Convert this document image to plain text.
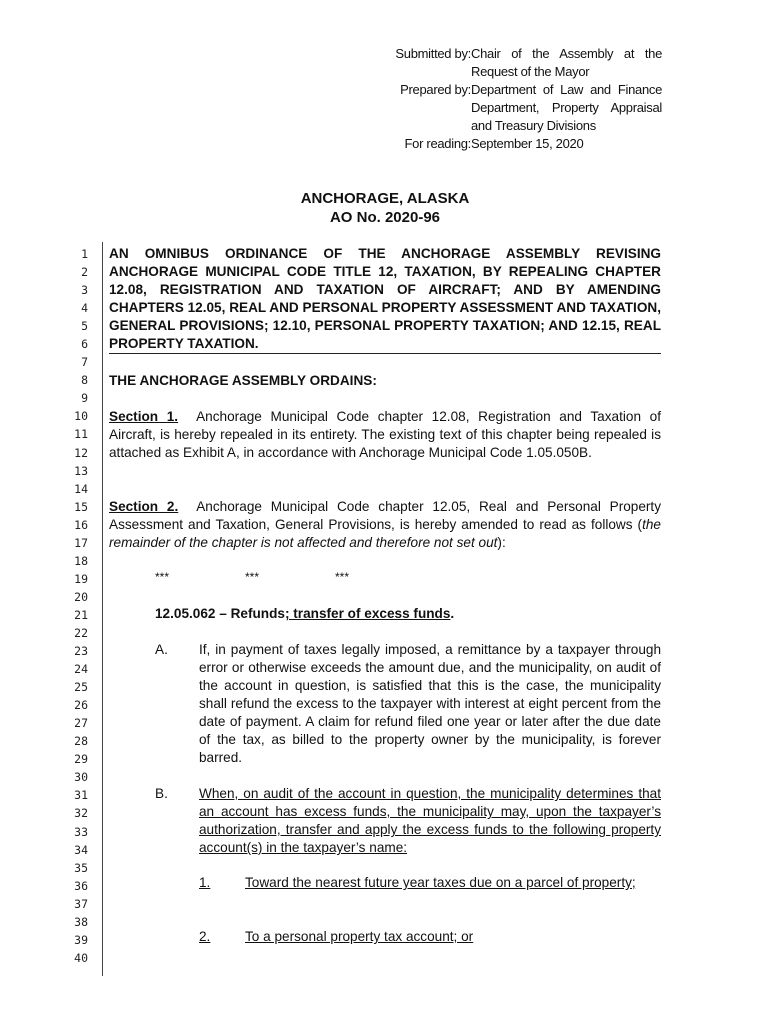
Submitted by: Chair of the Assembly at the Request of the Mayor
Prepared by: Department of Law and Finance Department, Property Appraisal and Treasury Divisions
For reading: September 15, 2020
ANCHORAGE, ALASKA
AO No. 2020-96
1
2
3
4
5
6
7
8
9
10
11
12
13
14
15
16
17
18
19
20
21
22
23
24
25
26
27
28
29
30
31
32
33
34
35
36
37
38
39
40
AN OMNIBUS ORDINANCE OF THE ANCHORAGE ASSEMBLY REVISING ANCHORAGE MUNICIPAL CODE TITLE 12, TAXATION, BY REPEALING CHAPTER 12.08, REGISTRATION AND TAXATION OF AIRCRAFT; AND BY AMENDING CHAPTERS 12.05, REAL AND PERSONAL PROPERTY ASSESSMENT AND TAXATION, GENERAL PROVISIONS; 12.10, PERSONAL PROPERTY TAXATION; AND 12.15, REAL PROPERTY TAXATION.
THE ANCHORAGE ASSEMBLY ORDAINS:
Section 1. Anchorage Municipal Code chapter 12.08, Registration and Taxation of Aircraft, is hereby repealed in its entirety. The existing text of this chapter being repealed is attached as Exhibit A, in accordance with Anchorage Municipal Code 1.05.050B.
Section 2. Anchorage Municipal Code chapter 12.05, Real and Personal Property Assessment and Taxation, General Provisions, is hereby amended to read as follows (the remainder of the chapter is not affected and therefore not set out):
***	***	***
12.05.062 – Refunds; transfer of excess funds.
A. If, in payment of taxes legally imposed, a remittance by a taxpayer through error or otherwise exceeds the amount due, and the municipality, on audit of the account in question, is satisfied that this is the case, the municipality shall refund the excess to the taxpayer with interest at eight percent from the date of payment. A claim for refund filed one year or later after the due date of the tax, as billed to the property owner by the municipality, is forever barred.
B. When, on audit of the account in question, the municipality determines that an account has excess funds, the municipality may, upon the taxpayer’s authorization, transfer and apply the excess funds to the following property account(s) in the taxpayer’s name:
1.	Toward the nearest future year taxes due on a parcel of property;
2.	To a personal property tax account; or
